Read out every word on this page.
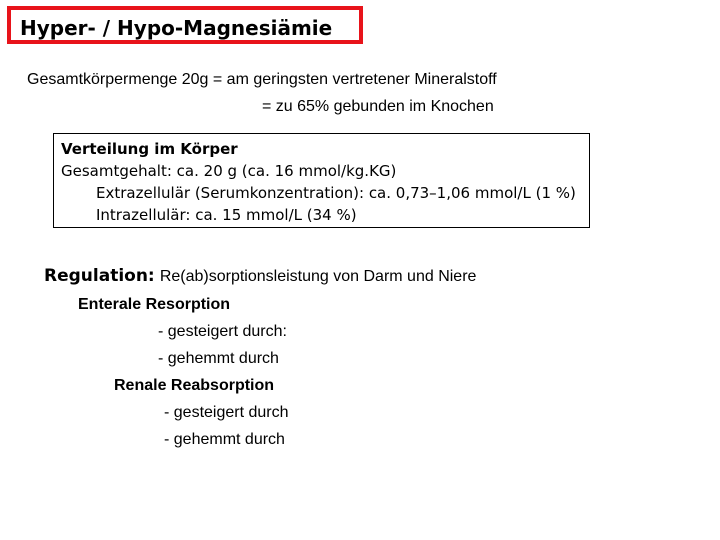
Hyper- / Hypo-Magnesiämie
Gesamtkörpermenge 20g = am geringsten vertretener Mineralstoff
= zu 65% gebunden im Knochen
Verteilung im Körper
Gesamtgehalt: ca. 20 g (ca. 16 mmol/kg.KG)
Extrazellulär (Serumkonzentration): ca. 0,73–1,06 mmol/L (1 %)
Intrazellulär: ca. 15 mmol/L (34 %)
Regulation: Re(ab)sorptionsleistung von Darm und Niere
Enterale Resorption
- gesteigert durch:
- gehemmt durch
Renale Reabsorption
- gesteigert durch
- gehemmt durch
